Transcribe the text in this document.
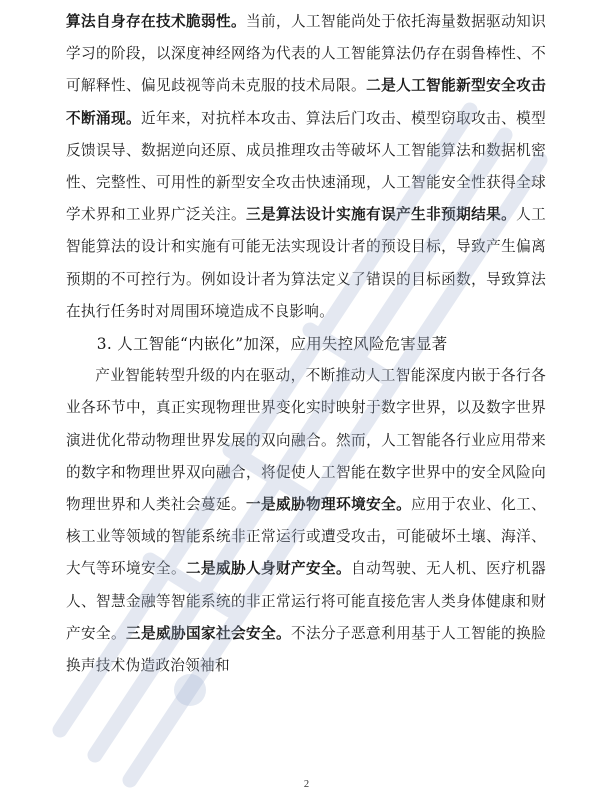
算法自身存在技术脆弱性。当前，人工智能尚处于依托海量数据驱动知识学习的阶段，以深度神经网络为代表的人工智能算法仍存在弱鲁棒性、不可解释性、偏见歧视等尚未克服的技术局限。二是人工智能新型安全攻击不断涌现。近年来，对抗样本攻击、算法后门攻击、模型窃取攻击、模型反馈误导、数据逆向还原、成员推理攻击等破坏人工智能算法和数据机密性、完整性、可用性的新型安全攻击快速涌现，人工智能安全性获得全球学术界和工业界广泛关注。三是算法设计实施有误产生非预期结果。人工智能算法的设计和实施有可能无法实现设计者的预设目标，导致产生偏离预期的不可控行为。例如设计者为算法定义了错误的目标函数，导致算法在执行任务时对周围环境造成不良影响。

3. 人工智能“内嵌化”加深，应用失控风险危害显著

产业智能转型升级的内在驱动，不断推动人工智能深度内嵌于各行各业各环节中，真正实现物理世界变化实时映射于数字世界，以及数字世界演进优化带动物理世界发展的双向融合。然而，人工智能各行业应用带来的数字和物理世界双向融合，将促使人工智能在数字世界中的安全风险向物理世界和人类社会蔓延。一是威胁物理环境安全。应用于农业、化工、核工业等领域的智能系统非正常运行或遭受攻击，可能破坏土壤、海洋、大气等环境安全。二是威胁人身财产安全。自动驾驶、无人机、医疗机器人、智慧金融等智能系统的非正常运行将可能直接危害人类身体健康和财产安全。三是威胁国家社会安全。不法分子恶意利用基于人工智能的换脸换声技术伪造政治领袖和

2
